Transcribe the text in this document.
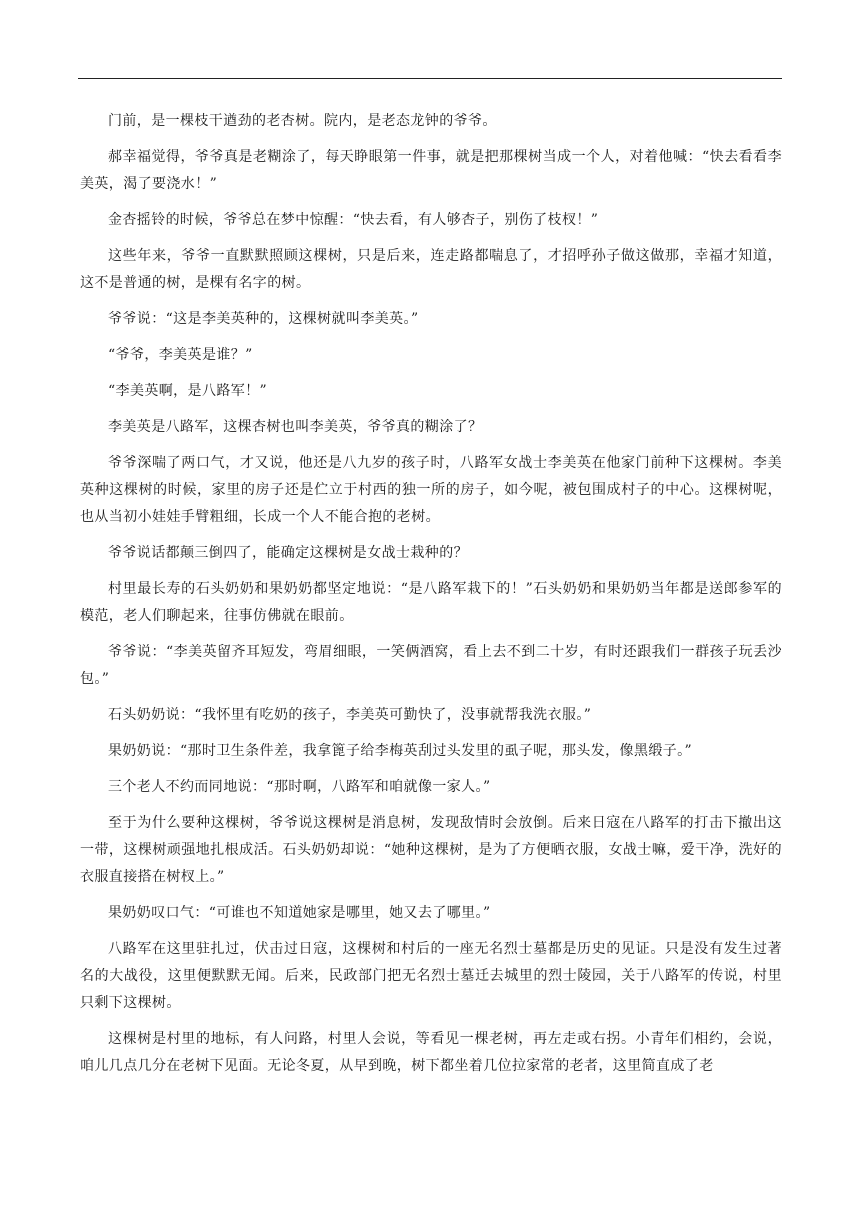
门前，是一棵枝干遒劲的老杏树。院内，是老态龙钟的爷爷。

郝幸福觉得，爷爷真是老糊涂了，每天睁眼第一件事，就是把那棵树当成一个人，对着他喊：“快去看看李美英，渴了要浇水！”

金杏摇铃的时候，爷爷总在梦中惊醒：“快去看，有人够杏子，别伤了枝杈！”

这些年来，爷爷一直默默照顾这棵树，只是后来，连走路都喘息了，才招呼孙子做这做那，幸福才知道，这不是普通的树，是棵有名字的树。

爷爷说：“这是李美英种的，这棵树就叫李美英。”

“爷爷，李美英是谁？”

“李美英啊，是八路军！”

李美英是八路军，这棵杏树也叫李美英，爷爷真的糊涂了？

爷爷深喘了两口气，才又说，他还是八九岁的孩子时，八路军女战士李美英在他家门前种下这棵树。李美英种这棵树的时候，家里的房子还是伫立于村西的独一所的房子，如今呢，被包围成村子的中心。这棵树呢，也从当初小娃娃手臂粗细，长成一个人不能合抱的老树。

爷爷说话都颠三倒四了，能确定这棵树是女战士栽种的？

村里最长寿的石头奶奶和果奶奶都坚定地说：“是八路军栽下的！”石头奶奶和果奶奶当年都是送郎参军的模范，老人们聊起来，往事仿佛就在眼前。

爷爷说：“李美英留齐耳短发，弯眉细眼，一笑俩酒窝，看上去不到二十岁，有时还跟我们一群孩子玩丢沙包。”

石头奶奶说：“我怀里有吃奶的孩子，李美英可勤快了，没事就帮我洗衣服。”

果奶奶说：“那时卫生条件差，我拿篦子给李梅英刮过头发里的虱子呢，那头发，像黑缎子。”

三个老人不约而同地说：“那时啊，八路军和咱就像一家人。”

至于为什么要种这棵树，爷爷说这棵树是消息树，发现敌情时会放倒。后来日寇在八路军的打击下撤出这一带，这棵树顽强地扎根成活。石头奶奶却说：“她种这棵树，是为了方便晒衣服，女战士嘛，爱干净，洗好的衣服直接搭在树杈上。”

果奶奶叹口气：“可谁也不知道她家是哪里，她又去了哪里。”

八路军在这里驻扎过，伏击过日寇，这棵树和村后的一座无名烈士墓都是历史的见证。只是没有发生过著名的大战役，这里便默默无闻。后来，民政部门把无名烈士墓迁去城里的烈士陵园，关于八路军的传说，村里只剩下这棵树。

这棵树是村里的地标，有人问路，村里人会说，等看见一棵老树，再左走或右拐。小青年们相约，会说，咱儿几点几分在老树下见面。无论冬夏，从早到晚，树下都坐着几位拉家常的老者，这里简直成了老
